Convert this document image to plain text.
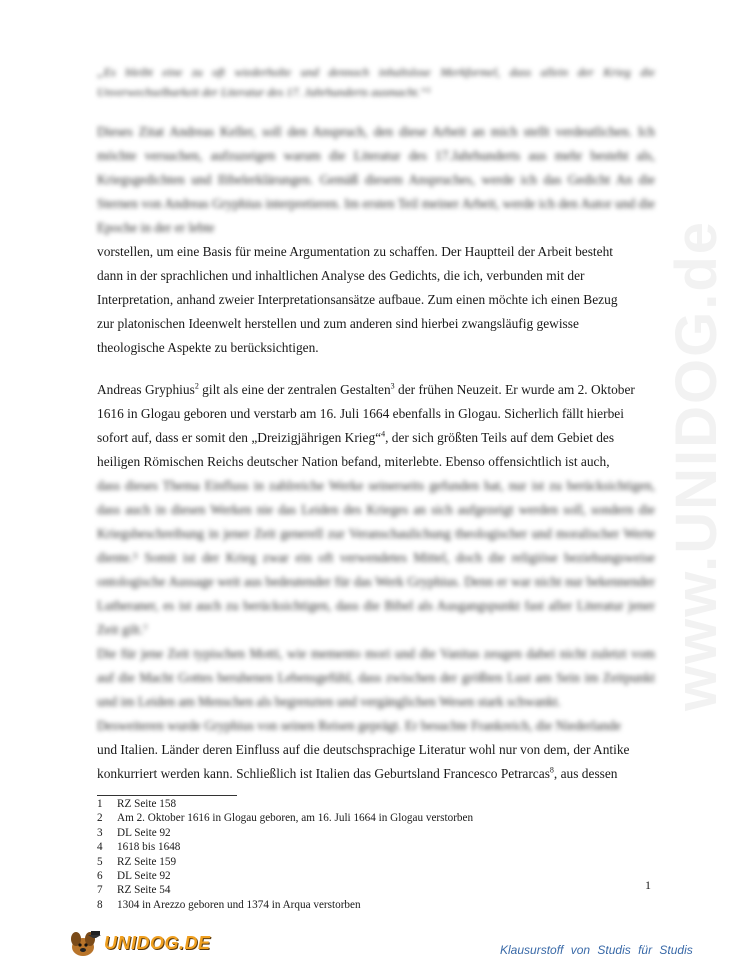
www.UNIDOG.de
„Es bleibt eine zu oft wiederholte und dennoch inhaltslose Merkformel, dass allein der Krieg die Unverwechselbarkeit der Literatur des 17. Jahrhunderts ausmacht.“¹
Dieses Zitat Andreas Keller, soll den Anspruch, den diese Arbeit an mich stellt verdeutlichen. Ich möchte versuchen, aufzuzeigen warum die Literatur des 17.Jahrhunderts aus mehr besteht als, Kriegsgedichten und Ilibelerklärungen. Gemäß diesem Anspruches, werde ich das Gedicht An die Sternen von Andreas Gryphius interpretieren. Im ersten Teil meiner Arbeit, werde ich den Autor und die Epoche in der er lebte
vorstellen, um eine Basis für meine Argumentation zu schaffen. Der Hauptteil der Arbeit besteht
dann in der sprachlichen und inhaltlichen Analyse des Gedichts, die ich, verbunden mit der
Interpretation, anhand zweier Interpretationsansätze aufbaue. Zum einen möchte ich einen Bezug
zur platonischen Ideenwelt herstellen und zum anderen sind hierbei zwangsläufig gewisse
theologische Aspekte zu berücksichtigen.
Andreas Gryphius$^2$ gilt als eine der zentralen Gestalten$^3$ der frühen Neuzeit. Er wurde am 2. Oktober
1616 in Glogau geboren und verstarb am 16. Juli 1664 ebenfalls in Glogau. Sicherlich fällt hierbei
sofort auf, dass er somit den „Dreizigjährigen Krieg“$^4$, der sich größten Teils auf dem Gebiet des
heiligen Römischen Reichs deutscher Nation befand, miterlebte. Ebenso offensichtlich ist auch,
dass dieses Thema Einfluss in zahlreiche Werke seinerseits gefunden hat, nur ist zu berücksichtigen, dass auch in diesen Werken nie das Leiden des Krieges an sich aufgezeigt werden soll, sondern die Kriegsbeschreibung in jener Zeit generell zur Veranschaulichung theologischer und moralischer Werte diente.⁵ Somit ist der Krieg zwar ein oft verwendetes Mittel, doch die religiöse beziehungsweise ontologische Aussage weit aus bedeutender für das Werk Gryphius. Denn er war nicht nur bekennender Lutheraner, es ist auch zu berücksichtigen, dass die Bibel als Ausgangspunkt fast aller Literatur jener Zeit gilt.⁷
Die für jene Zeit typischen Motti, wie memento mori und die Vanitas zeugen dabei nicht zuletzt vom auf die Macht Gottes beruhenen Lebensgefühl, dass zwischen der größten Lust am Sein im Zeitpunkt und im Leiden am Menschen als begrenzten und vergänglichen Wesen stark schwankt.
Desweiteren wurde Gryphius von seinen Reisen geprägt. Er besuchte Frankreich, die Niederlande
und Italien. Länder deren Einfluss auf die deutschsprachige Literatur wohl nur von dem, der Antike
konkurriert werden kann. Schließlich ist Italien das Geburtsland Francesco Petrarcas$^8$, aus dessen
1	RZ Seite 158
2	Am 2. Oktober 1616 in Glogau geboren, am 16. Juli 1664 in Glogau verstorben
3	DL Seite 92
4	1618 bis 1648
5	RZ Seite 159
6	DL Seite 92
7	RZ Seite 54
8	1304 in Arezzo geboren und 1374 in Arqua verstorben
1
UNIDOG.DE	Klausurstoff von Studis für Studis
